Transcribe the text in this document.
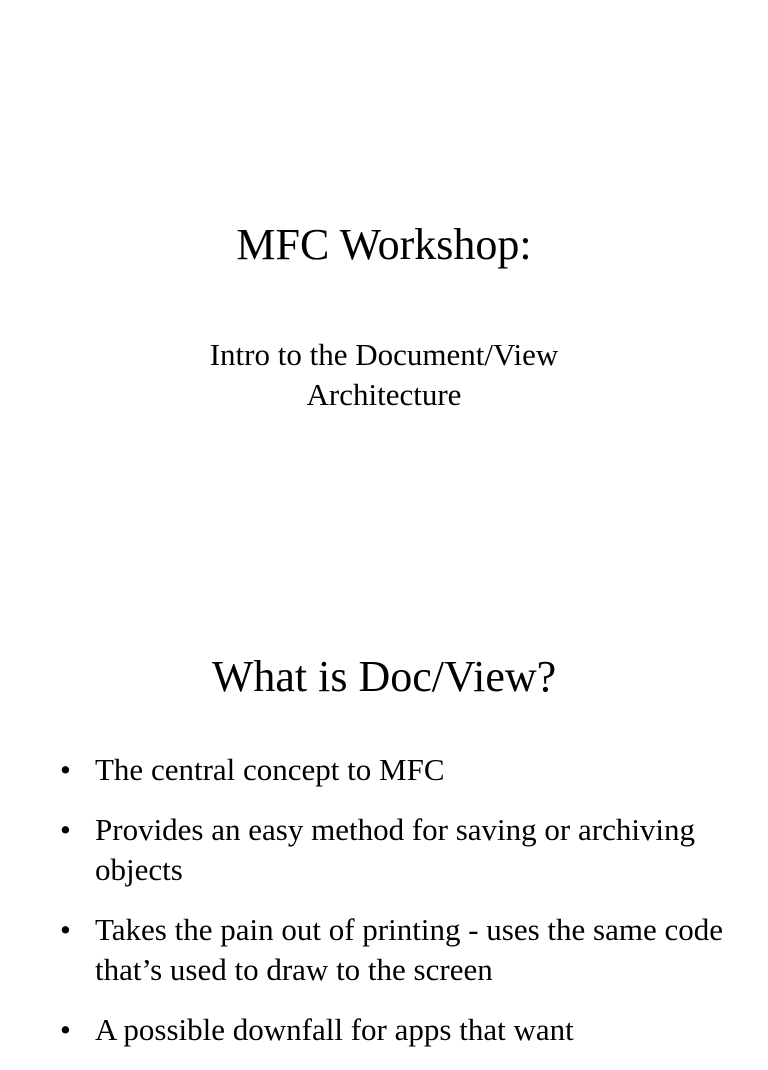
MFC Workshop:
Intro to the Document/View
Architecture
What is Doc/View?
• The central concept to MFC
• Provides an easy method for saving or archiving objects
• Takes the pain out of printing - uses the same code that’s used to draw to the screen
• A possible downfall for apps that want
